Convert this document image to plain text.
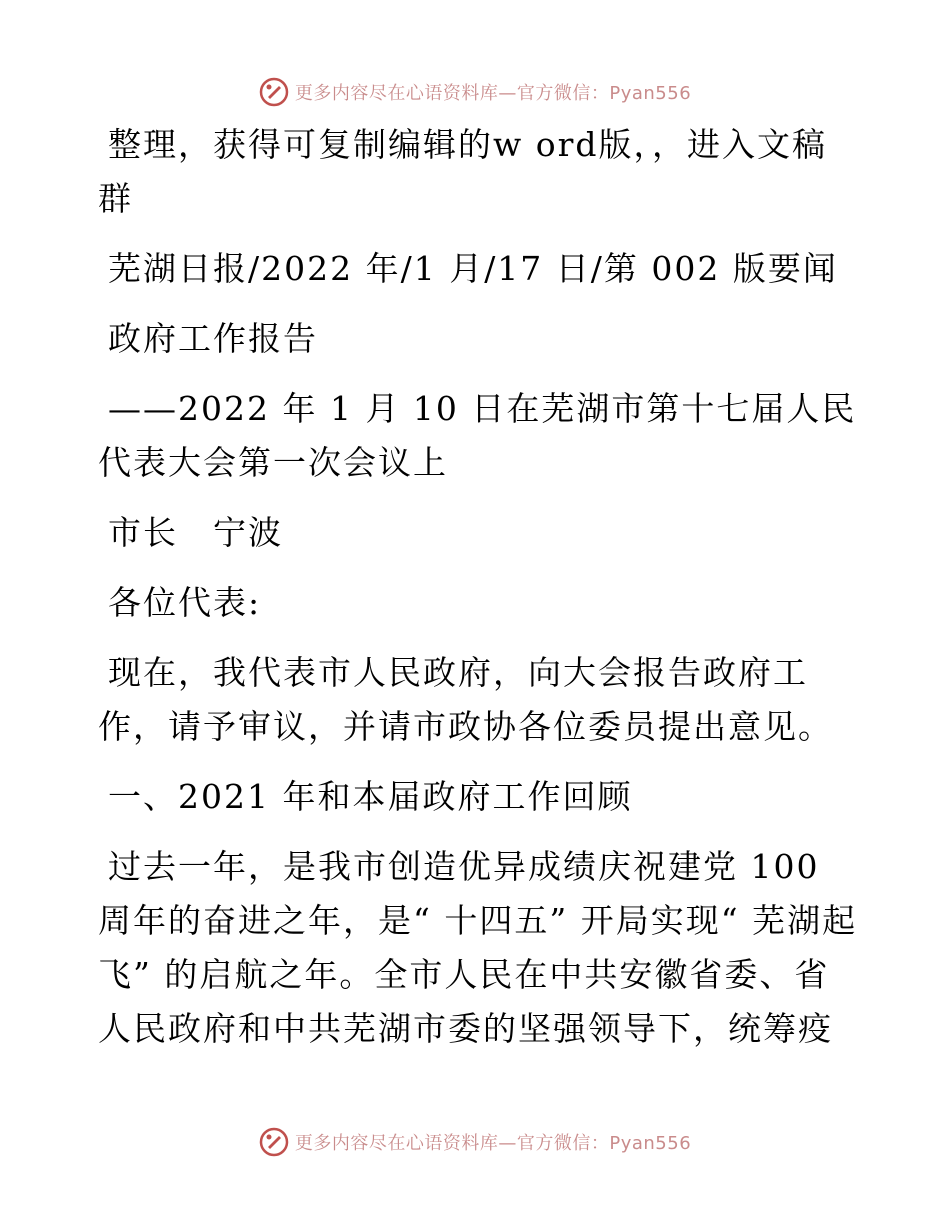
更多内容尽在心语资料库—官方微信：Pyan556

整理，获得可复制编辑的w ord版，，进入文稿群

芜湖日报/2022 年/1 月/17 日/第 002 版要闻

政府工作报告

——2022 年 1 月 10 日在芜湖市第十七届人民代表大会第一次会议上

市长　宁波

各位代表:

现在，我代表市人民政府，向大会报告政府工作，请予审议，并请市政协各位委员提出意见。

一、2021 年和本届政府工作回顾

过去一年，是我市创造优异成绩庆祝建党 100 周年的奋进之年，是“ 十四五” 开局实现“ 芜湖起飞” 的启航之年。全市人民在中共安徽省委、省人民政府和中共芜湖市委的坚强领导下，统筹疫

更多内容尽在心语资料库—官方微信：Pyan556
